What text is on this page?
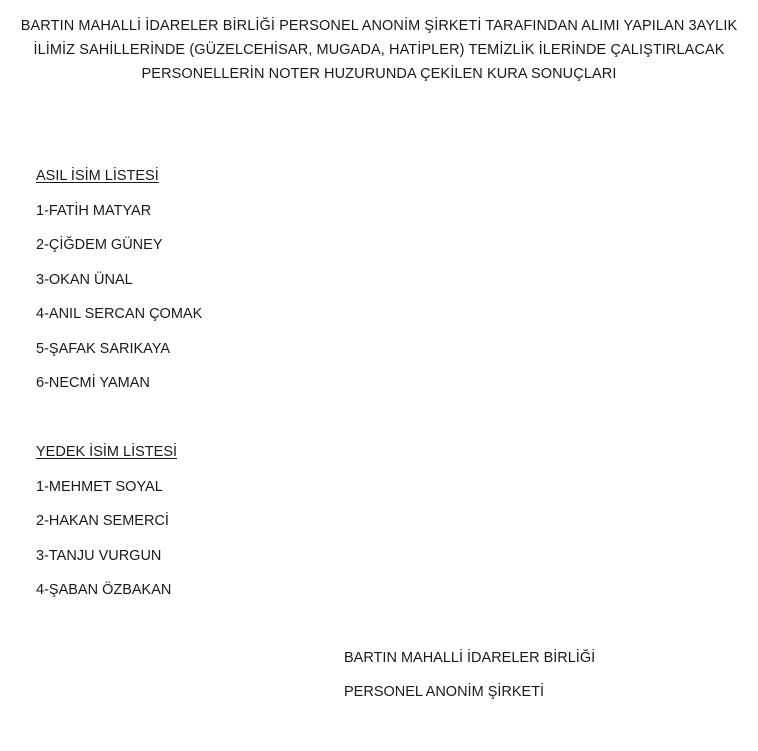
BARTIN MAHALLİ İDARELER BİRLİĞİ PERSONEL ANONİM ŞİRKETİ TARAFINDAN ALIMI YAPILAN 3AYLIK
İLİMİZ SAHİLLERİNDE (GÜZELCEHİSAR, MUGADA, HATİPLER) TEMİZLİK İLERİNDE ÇALIŞTIRLACAK
PERSONELLERİN NOTER HUZURUNDA ÇEKİLEN KURA SONUÇLARI
ASIL İSİM LİSTESİ
1-FATİH MATYAR
2-ÇİĞDEM GÜNEY
3-OKAN ÜNAL
4-ANIL SERCAN ÇOMAK
5-ŞAFAK SARIKAYA
6-NECMİ YAMAN
YEDEK İSİM LİSTESİ
1-MEHMET SOYAL
2-HAKAN SEMERCİ
3-TANJU VURGUN
4-ŞABAN ÖZBAKAN
BARTIN MAHALLİ İDARELER BİRLİĞİ
PERSONEL ANONİM ŞİRKETİ
